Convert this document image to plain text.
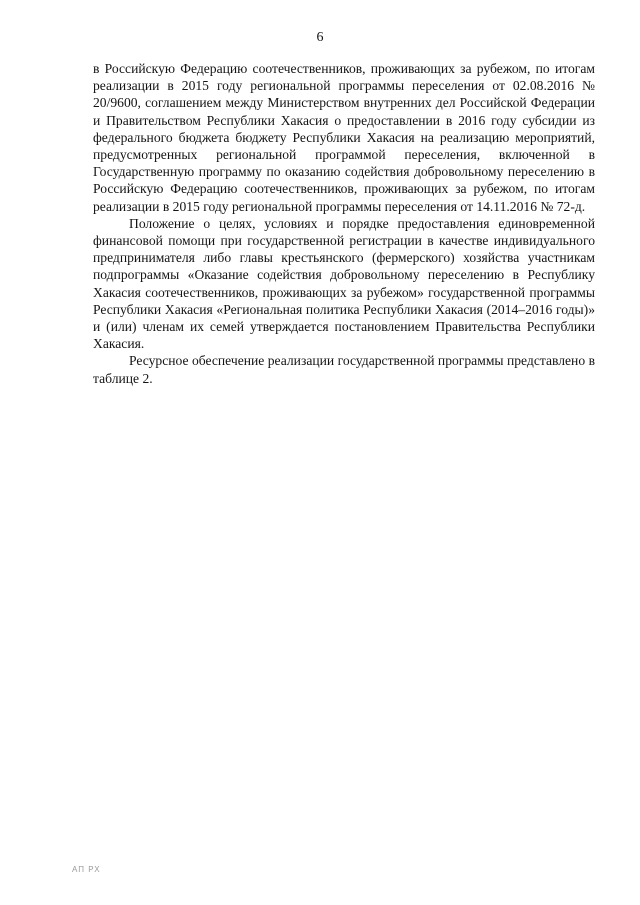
6

в Российскую Федерацию соотечественников, проживающих за рубежом, по итогам реализации в 2015 году региональной программы переселения от 02.08.2016 № 20/9600, соглашением между Министерством внутренних дел Российской Федерации и Правительством Республики Хакасия о предоставлении в 2016 году субсидии из федерального бюджета бюджету Республики Хакасия на реализацию мероприятий, предусмотренных региональной программой переселения, включенной в Государственную программу по оказанию содействия добровольному переселению в Российскую Федерацию соотечественников, проживающих за рубежом, по итогам реализации в 2015 году региональной программы переселения от 14.11.2016 № 72-д.

Положение о целях, условиях и порядке предоставления единовременной финансовой помощи при государственной регистрации в качестве индивидуального предпринимателя либо главы крестьянского (фермерского) хозяйства участникам подпрограммы «Оказание содействия добровольному переселению в Республику Хакасия соотечественников, проживающих за рубежом» государственной программы Республики Хакасия «Региональная политика Республики Хакасия (2014–2016 годы)» и (или) членам их семей утверждается постановлением Правительства Республики Хакасия.

Ресурсное обеспечение реализации государственной программы представлено в таблице 2.

АП РХ
